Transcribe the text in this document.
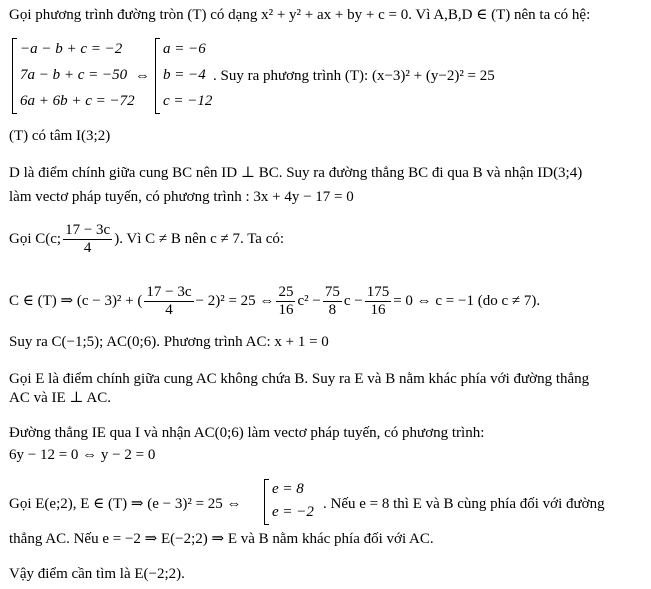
Gọi phương trình đường tròn (T) có dạng x² + y² + ax + by + c = 0. Vì A,B,D ∈ (T) nên ta có hệ:
−a − b + c = −2
7a − b + c = −50
6a + 6b + c = −72
⇔
a = −6
b = −4
c = −12
. Suy ra phương trình (T): (x−3)² + (y−2)² = 25
(T) có tâm I(3;2)
D là điểm chính giữa cung BC nên ID ⊥ BC. Suy ra đường thẳng BC đi qua B và nhận ID(3;4)
làm vectơ pháp tuyến, có phương trình : 3x + 4y − 17 = 0
Gọi C(c; $\frac{17 - 3c}{4}$ ). Vì C ≠ B nên c ≠ 7. Ta có:
C ∈ (T) ⇒ (c − 3)² + ( $\frac{17 - 3c}{4} - 2)^2 = 25$ ⇔ $\frac{25}{16} c^2 - \frac{75}{8}$ $c - \frac{175}{16} = 0$ ⇔ c = −1 (do c ≠ 7).
Suy ra C(−1;5); AC(0;6). Phương trình AC: x + 1 = 0
Gọi E là điểm chính giữa cung AC không chứa B. Suy ra E và B nằm khác phía với đường thẳng
AC và IE ⊥ AC.
Đường thẳng IE qua I và nhận AC(0;6) làm vectơ pháp tuyến, có phương trình:
6y − 12 = 0 ⇔ y − 2 = 0
Gọi E(e;2), E ∈ (T) ⇒ (e − 3)² = 25 ⇔
e = 8
e = −2 . Nếu e = 8 thì E và B cùng phía đối với đường
thẳng AC. Nếu e = −2 ⇒ E(−2;2) ⇒ E và B nằm khác phía đối với AC.
Vậy điểm cần tìm là E(−2;2).
